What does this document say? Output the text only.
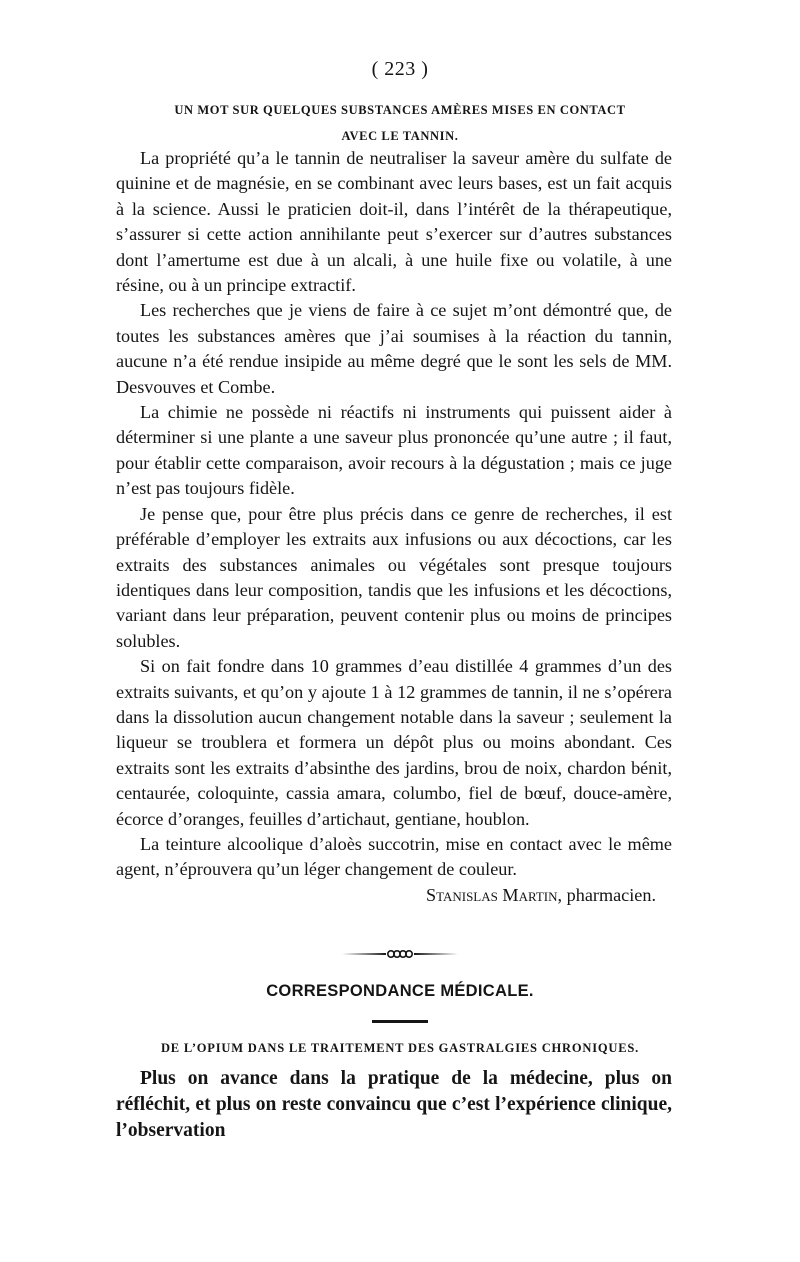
( 223 )
UN MOT SUR QUELQUES SUBSTANCES AMÈRES MISES EN CONTACT
AVEC LE TANNIN.

La propriété qu’a le tannin de neutraliser la saveur amère du sulfate de quinine et de magnésie, en se combinant avec leurs bases, est un fait acquis à la science. Aussi le praticien doit-il, dans l’intérêt de la thérapeutique, s’assurer si cette action annihilante peut s’exercer sur d’autres substances dont l’amertume est due à un alcali, à une huile fixe ou volatile, à une résine, ou à un principe extractif.

Les recherches que je viens de faire à ce sujet m’ont démontré que, de toutes les substances amères que j’ai soumises à la réaction du tannin, aucune n’a été rendue insipide au même degré que le sont les sels de MM. Desvouves et Combe.

La chimie ne possède ni réactifs ni instruments qui puissent aider à déterminer si une plante a une saveur plus prononcée qu’une autre ; il faut, pour établir cette comparaison, avoir recours à la dégustation ; mais ce juge n’est pas toujours fidèle.

Je pense que, pour être plus précis dans ce genre de recherches, il est préférable d’employer les extraits aux infusions ou aux décoctions, car les extraits des substances animales ou végétales sont presque toujours identiques dans leur composition, tandis que les infusions et les décoctions, variant dans leur préparation, peuvent contenir plus ou moins de principes solubles.

Si on fait fondre dans 10 grammes d’eau distillée 4 grammes d’un des extraits suivants, et qu’on y ajoute 1 à 12 grammes de tannin, il ne s’opérera dans la dissolution aucun changement notable dans la saveur ; seulement la liqueur se troublera et formera un dépôt plus ou moins abondant. Ces extraits sont les extraits d’absinthe des jardins, brou de noix, chardon bénit, centaurée, coloquinte, cassia amara, columbo, fiel de bœuf, douce-amère, écorce d’oranges, feuilles d’artichaut, gentiane, houblon.

La teinture alcoolique d’aloès succotrin, mise en contact avec le même agent, n’éprouvera qu’un léger changement de couleur.

Stanislas Martin, pharmacien.

CORRESPONDANCE MÉDICALE.
DE L’OPIUM DANS LE TRAITEMENT DES GASTRALGIES CHRONIQUES.

Plus on avance dans la pratique de la médecine, plus on réfléchit, et plus on reste convaincu que c’est l’expérience clinique, l’observation
